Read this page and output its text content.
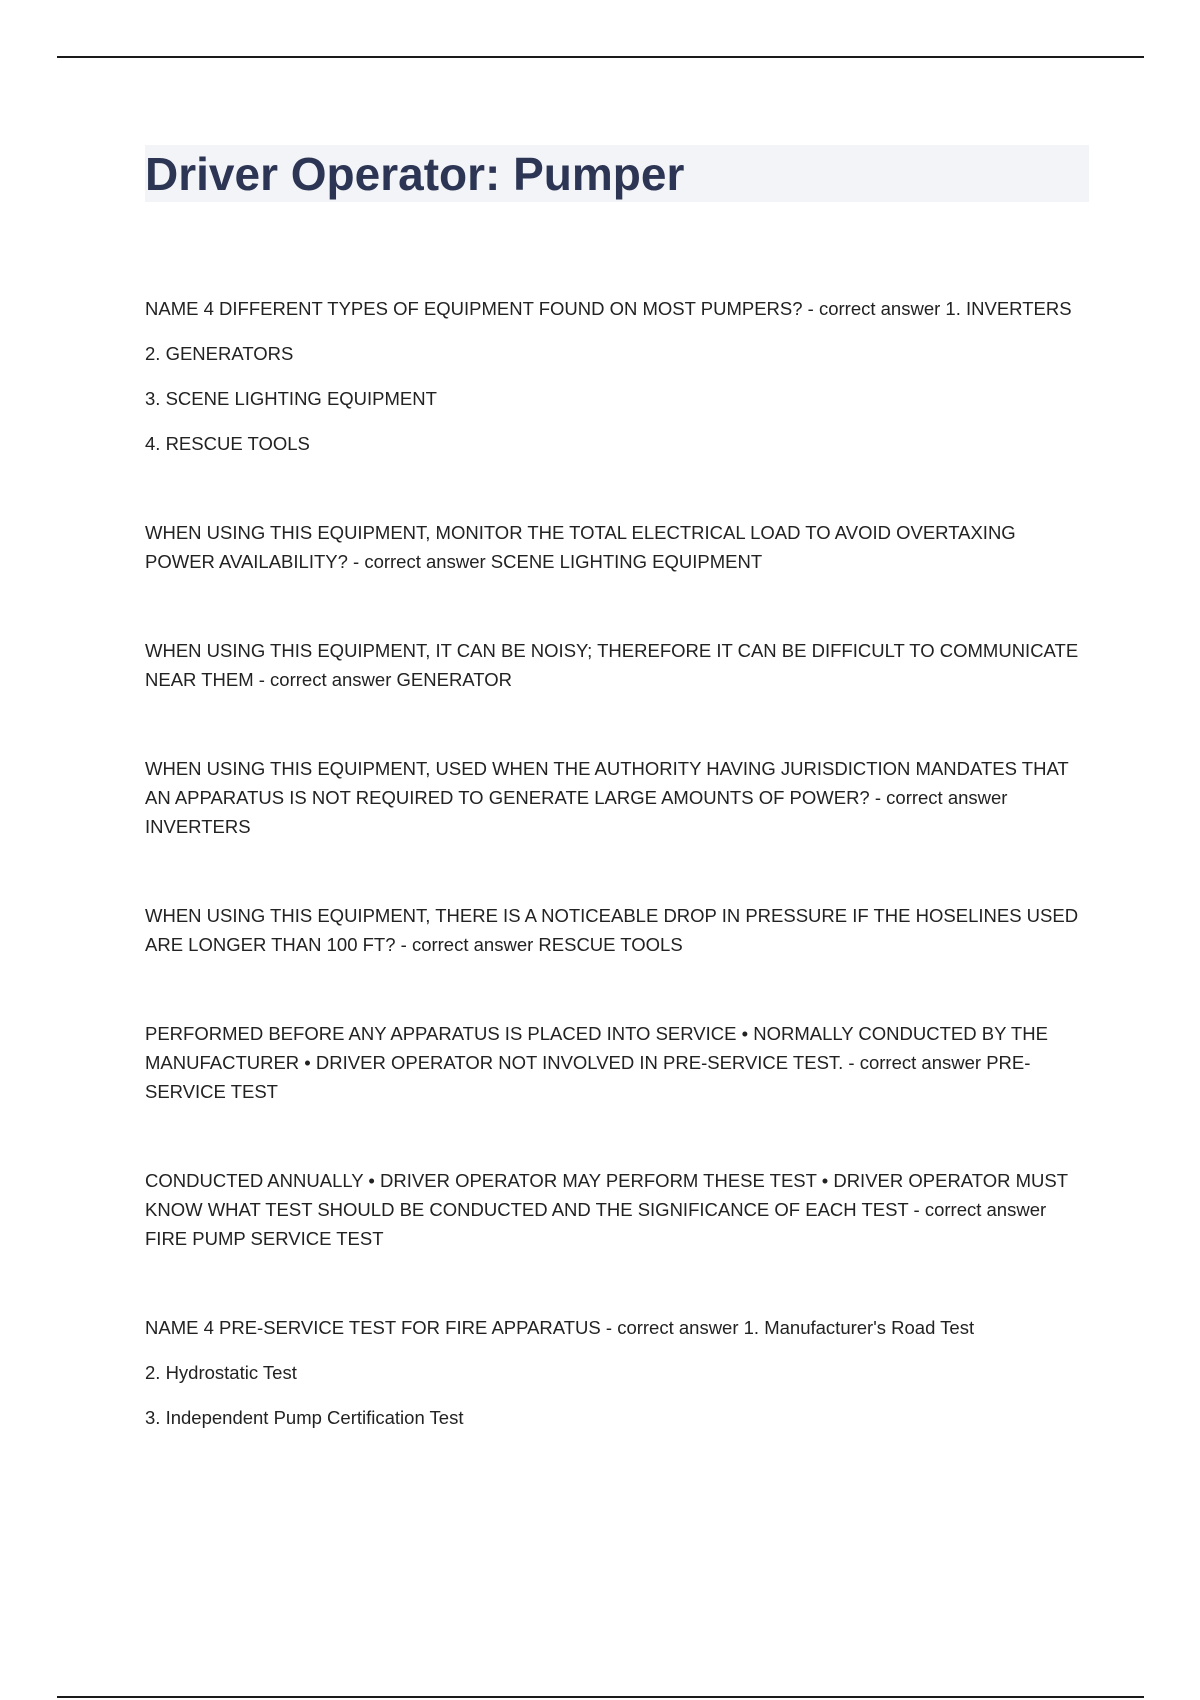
Driver Operator: Pumper

NAME 4 DIFFERENT TYPES OF EQUIPMENT FOUND ON MOST PUMPERS? - correct answer 1. INVERTERS

2. GENERATORS

3. SCENE LIGHTING EQUIPMENT

4. RESCUE TOOLS

WHEN USING THIS EQUIPMENT, MONITOR THE TOTAL ELECTRICAL LOAD TO AVOID OVERTAXING POWER AVAILABILITY? - correct answer SCENE LIGHTING EQUIPMENT

WHEN USING THIS EQUIPMENT, IT CAN BE NOISY; THEREFORE IT CAN BE DIFFICULT TO COMMUNICATE NEAR THEM - correct answer GENERATOR

WHEN USING THIS EQUIPMENT, USED WHEN THE AUTHORITY HAVING JURISDICTION MANDATES THAT AN APPARATUS IS NOT REQUIRED TO GENERATE LARGE AMOUNTS OF POWER? - correct answer INVERTERS

WHEN USING THIS EQUIPMENT, THERE IS A NOTICEABLE DROP IN PRESSURE IF THE HOSELINES USED ARE LONGER THAN 100 FT? - correct answer RESCUE TOOLS

PERFORMED BEFORE ANY APPARATUS IS PLACED INTO SERVICE • NORMALLY CONDUCTED BY THE MANUFACTURER • DRIVER OPERATOR NOT INVOLVED IN PRE-SERVICE TEST. - correct answer PRE-SERVICE TEST

CONDUCTED ANNUALLY • DRIVER OPERATOR MAY PERFORM THESE TEST • DRIVER OPERATOR MUST KNOW WHAT TEST SHOULD BE CONDUCTED AND THE SIGNIFICANCE OF EACH TEST - correct answer FIRE PUMP SERVICE TEST

NAME 4 PRE-SERVICE TEST FOR FIRE APPARATUS - correct answer 1. Manufacturer's Road Test

2. Hydrostatic Test

3. Independent Pump Certification Test
